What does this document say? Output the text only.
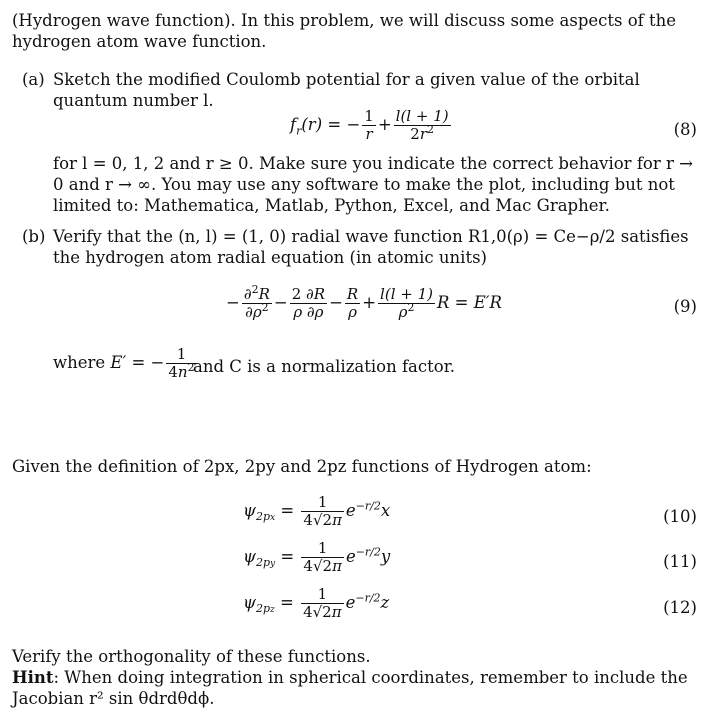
(Hydrogen wave function). In this problem, we will discuss some aspects of the hydrogen atom wave function.

(a) Sketch the modified Coulomb potential for a given value of the orbital quantum number l.

$f_r(r)$ = − $\frac{1}{r} + \frac{l(l + 1)}{2r^2}$	(8)

for l = 0, 1, 2 and r ≥ 0. Make sure you indicate the correct behavior for r → 0 and r → ∞. You may use any software to make the plot, including but not limited to: Mathematica, Matlab, Python, Excel, and Mac Grapher.

(b) Verify that the (n, l) = (1, 0) radial wave function R1,0(ρ) = Ce−ρ/2 satisfies the hydrogen atom radial equation (in atomic units)

− $\frac{\partial^2R}{\partial\rho^2} - \frac{2 \partial R}{\rho \partial\rho} - \frac{R}{\rho} + \frac{l(l + 1)}{\rho^2}$ R = E′R	(9)
where E′ = − $\frac{1}{4n^2}$
and C is a normalization factor.

Given the definition of 2px, 2py and 2pz functions of Hydrogen atom:

$\psi_{2px} = \frac{1}{4√2\pi} e^{-r/2}x$	(10)
$\psi_{2py} = \frac{1}{4√2\pi} e^{-r/2}y$	(11)
$\psi_{2pz} = \frac{1}{4√2\pi} e^{-r/2}z$	(12)

Verify the orthogonality of these functions.

Hint: When doing integration in spherical coordinates, remember to include the Jacobian r² sin θdrdθdϕ.
